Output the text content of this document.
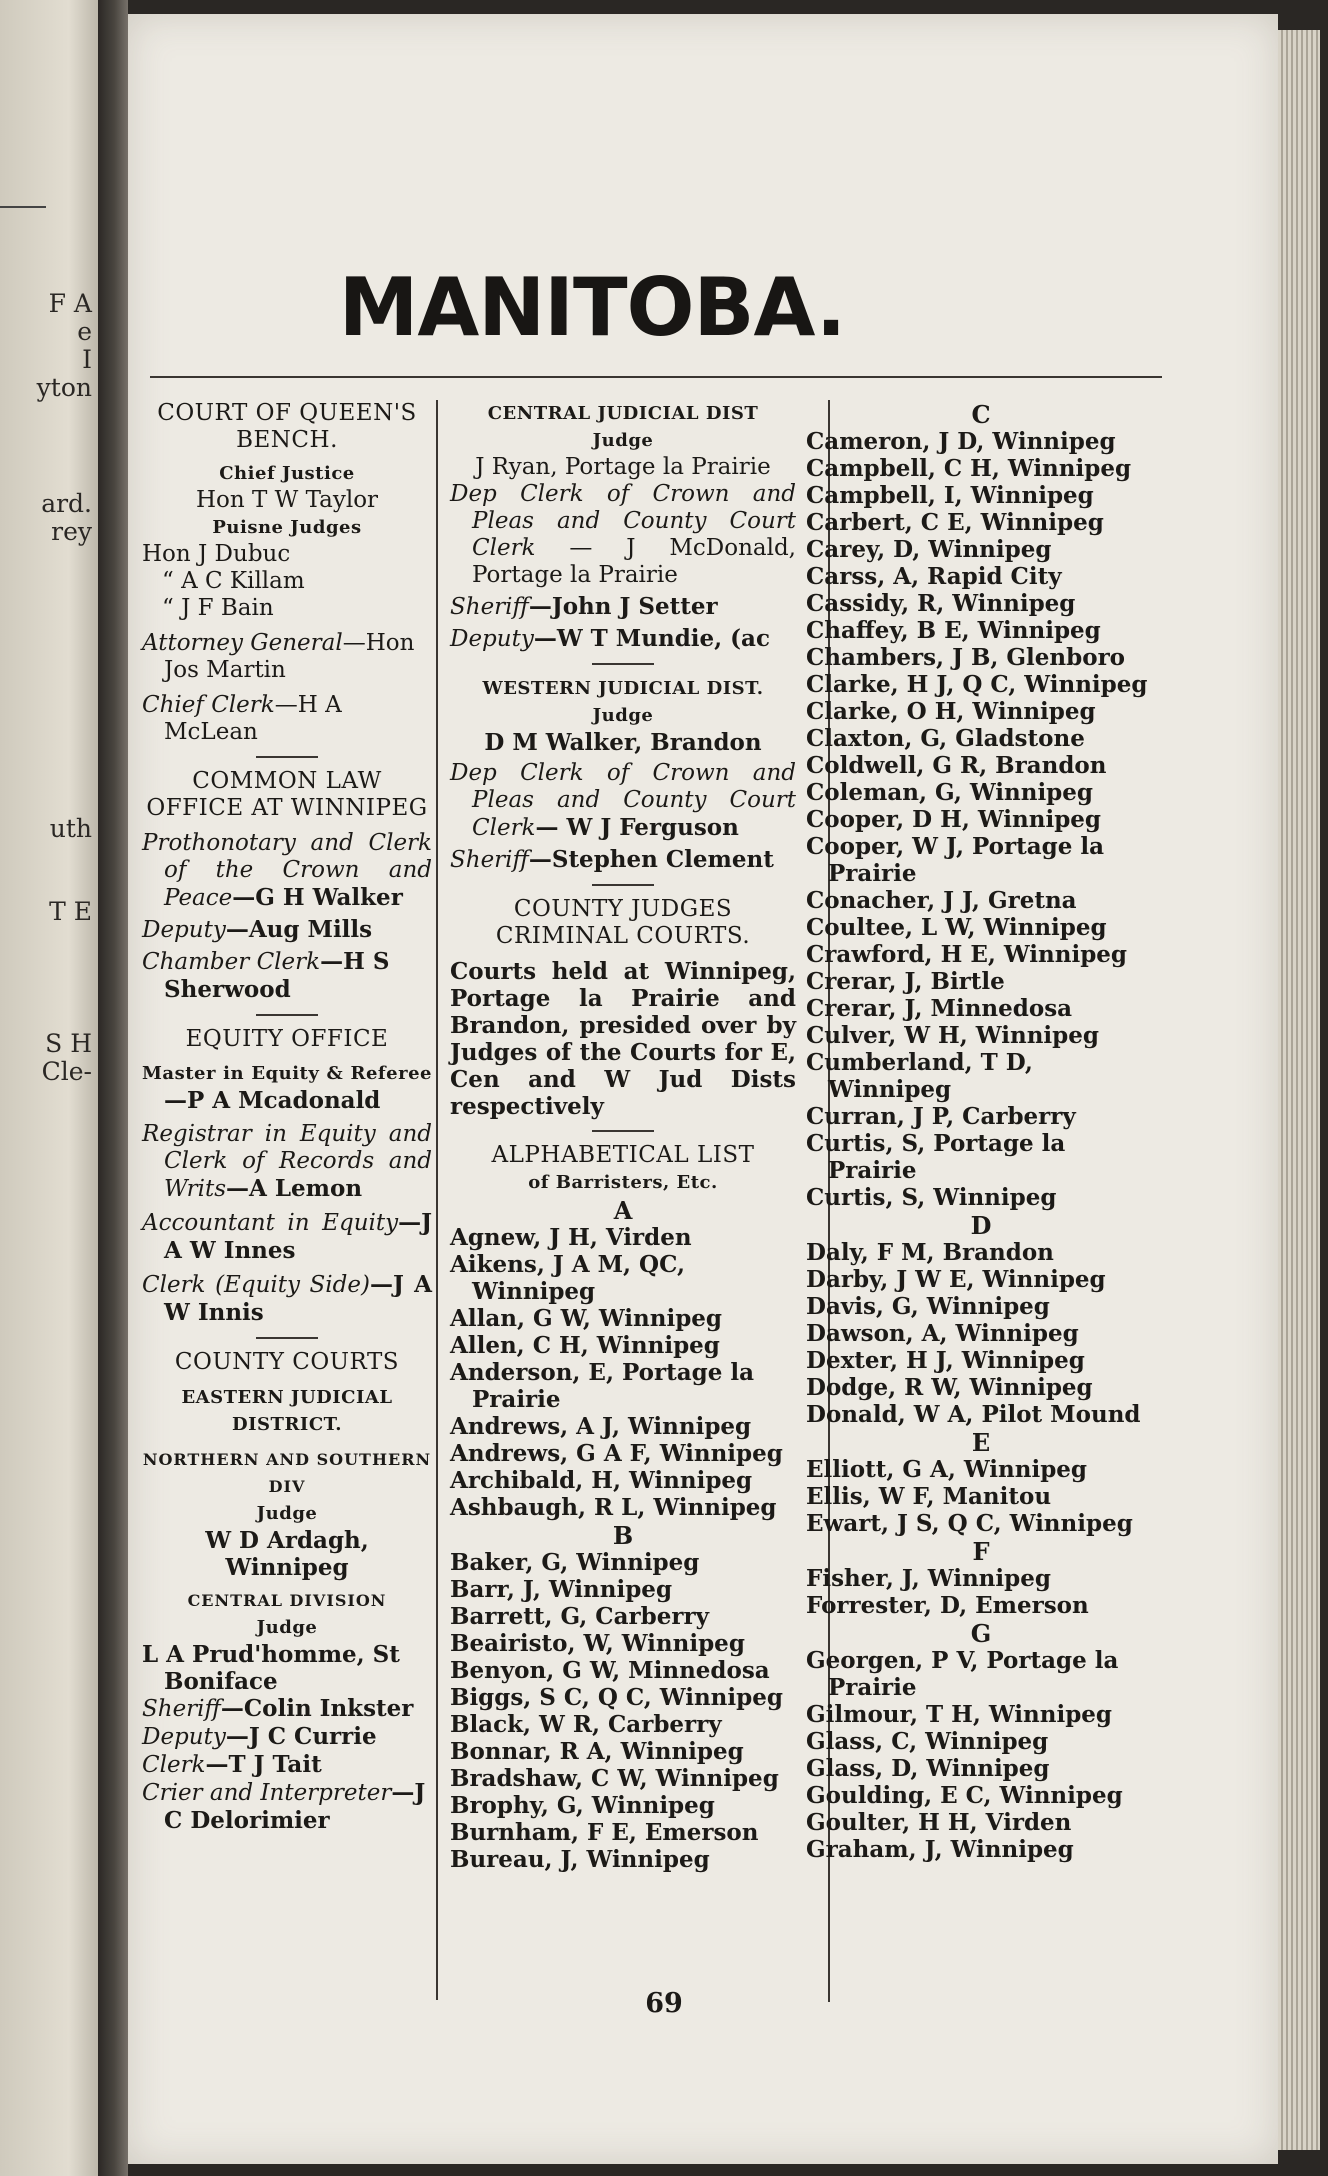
F A
e
I
yton
ard.
rey
uth
T E
S H
Cle-
MANITOBA.
COURT OF QUEEN'S BENCH.
Chief Justice
Hon T W Taylor
Puisne Judges
Hon J Dubuc
“ A C Killam
“ J F Bain
Attorney General—Hon Jos Martin
Chief Clerk—H A McLean
COMMON LAW OFFICE AT WINNIPEG
Prothonotary and Clerk of the Crown and Peace—G H Walker
Deputy—Aug Mills
Chamber Clerk—H S Sherwood
EQUITY OFFICE
Master in Equity & Referee—P A Mcadonald
Registrar in Equity and Clerk of Records and Writs—A Lemon
Accountant in Equity—J A W Innes
Clerk (Equity Side)—J A W Innis
COUNTY COURTS
EASTERN JUDICIAL DISTRICT.
NORTHERN AND SOUTHERN DIV
Judge
W D Ardagh, Winnipeg
CENTRAL DIVISION
Judge
L A Prud'homme, St Boniface
Sheriff—Colin Inkster
Deputy—J C Currie
Clerk—T J Tait
Crier and Interpreter—J C Delorimier
CENTRAL JUDICIAL DIST
Judge
J Ryan, Portage la Prairie
Dep Clerk of Crown and Pleas and County Court Clerk — J McDonald, Portage la Prairie
Sheriff—John J Setter
Deputy—W T Mundie, (ac
WESTERN JUDICIAL DIST.
Judge
D M Walker, Brandon
Dep Clerk of Crown and Pleas and County Court Clerk— W J Ferguson
Sheriff—Stephen Clement
COUNTY JUDGES CRIMINAL COURTS.
Courts held at Winnipeg, Portage la Prairie and Brandon, presided over by Judges of the Courts for E, Cen and W Jud Dists respectively
ALPHABETICAL LIST
of Barristers, Etc.
A
Agnew, J H, Virden
Aikens, J A M, QC, Winnipeg
Allan, G W, Winnipeg
Allen, C H, Winnipeg
Anderson, E, Portage la Prairie
Andrews, A J, Winnipeg
Andrews, G A F, Winnipeg
Archibald, H, Winnipeg
Ashbaugh, R L, Winnipeg
B
Baker, G, Winnipeg
Barr, J, Winnipeg
Barrett, G, Carberry
Beairisto, W, Winnipeg
Benyon, G W, Minnedosa
Biggs, S C, Q C, Winnipeg
Black, W R, Carberry
Bonnar, R A, Winnipeg
Bradshaw, C W, Winnipeg
Brophy, G, Winnipeg
Burnham, F E, Emerson
Bureau, J, Winnipeg
C
Cameron, J D, Winnipeg
Campbell, C H, Winnipeg
Campbell, I, Winnipeg
Carbert, C E, Winnipeg
Carey, D, Winnipeg
Carss, A, Rapid City
Cassidy, R, Winnipeg
Chaffey, B E, Winnipeg
Chambers, J B, Glenboro
Clarke, H J, Q C, Winnipeg
Clarke, O H, Winnipeg
Claxton, G, Gladstone
Coldwell, G R, Brandon
Coleman, G, Winnipeg
Cooper, D H, Winnipeg
Cooper, W J, Portage la Prairie
Conacher, J J, Gretna
Coultee, L W, Winnipeg
Crawford, H E, Winnipeg
Crerar, J, Birtle
Crerar, J, Minnedosa
Culver, W H, Winnipeg
Cumberland, T D, Winnipeg
Curran, J P, Carberry
Curtis, S, Portage la Prairie
Curtis, S, Winnipeg
D
Daly, F M, Brandon
Darby, J W E, Winnipeg
Davis, G, Winnipeg
Dawson, A, Winnipeg
Dexter, H J, Winnipeg
Dodge, R W, Winnipeg
Donald, W A, Pilot Mound
E
Elliott, G A, Winnipeg
Ellis, W F, Manitou
Ewart, J S, Q C, Winnipeg
F
Fisher, J, Winnipeg
Forrester, D, Emerson
G
Georgen, P V, Portage la Prairie
Gilmour, T H, Winnipeg
Glass, C, Winnipeg
Glass, D, Winnipeg
Goulding, E C, Winnipeg
Goulter, H H, Virden
Graham, J, Winnipeg
69
